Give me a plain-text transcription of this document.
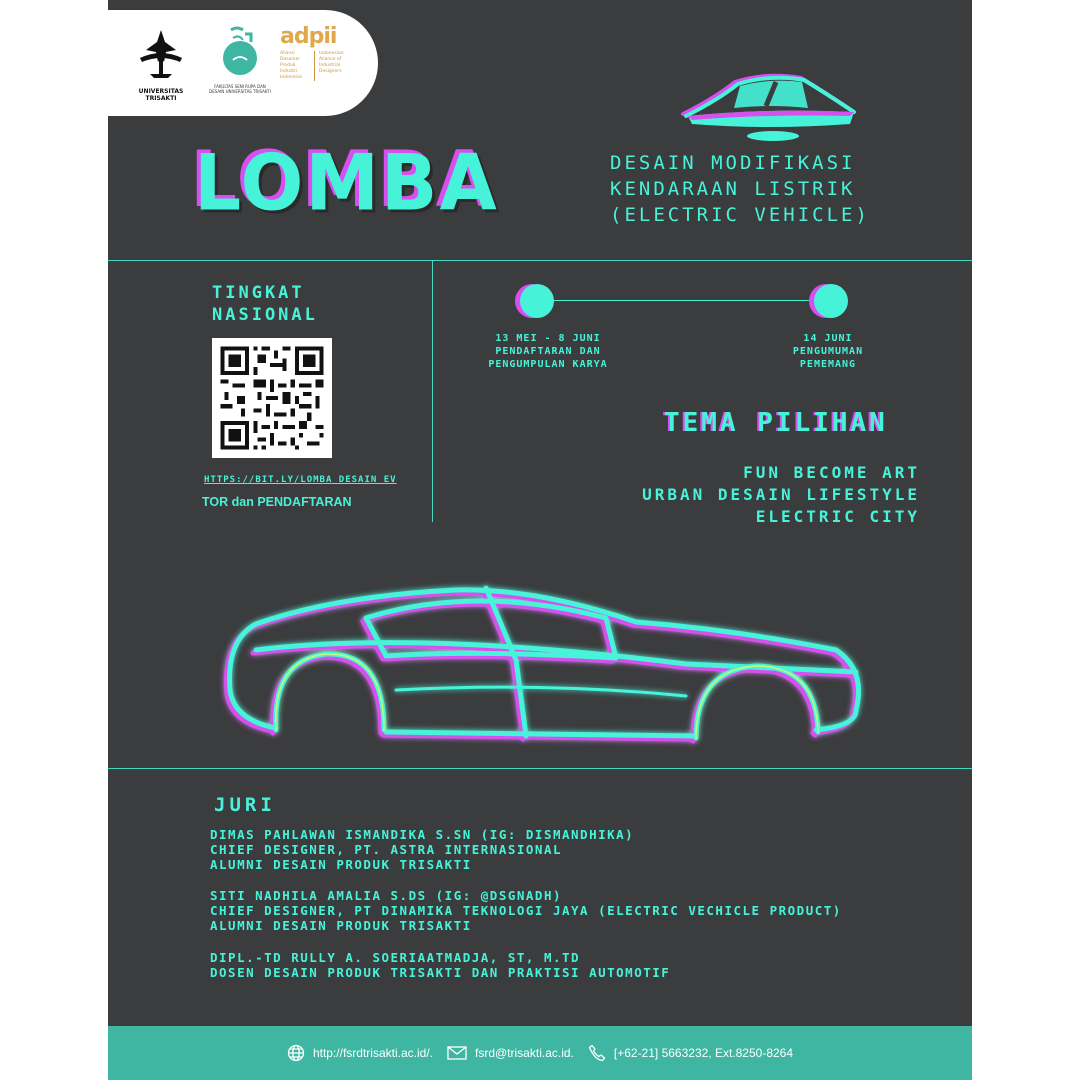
UNIVERSITAS TRISAKTI
FAKULTAS SENI RUPA DAN DESAIN UNIVERSITAS TRISAKTI
adpii
Aliansi Desainer Produk Industri Indonesia
Indonesian Aliance of Industrial Designers
LOMBA	DESAIN MODIFIKASI
KENDARAAN LISTRIK
(ELECTRIC VEHICLE)
TINGKAT
NASIONAL
HTTPS://BIT.LY/LOMBA_DESAIN_EV
TOR dan PENDAFTARAN
13 MEI - 8 JUNI
PENDAFTARAN DAN
PENGUMPULAN KARYA
14 JUNI
PENGUMUMAN
PEMEMANG
TEMA PILIHAN
FUN BECOME ART
URBAN DESAIN LIFESTYLE
ELECTRIC CITY
JURI
DIMAS PAHLAWAN ISMANDIKA S.SN (IG: DISMANDHIKA)
CHIEF DESIGNER, PT. ASTRA INTERNASIONAL
ALUMNI DESAIN PRODUK TRISAKTI
SITI NADHILA AMALIA S.DS (IG: @DSGNADH)
CHIEF DESIGNER, PT DINAMIKA TEKNOLOGI JAYA (ELECTRIC VECHICLE PRODUCT)
ALUMNI DESAIN PRODUK TRISAKTI
DIPL.-TD RULLY A. SOERIAATMADJA, ST, M.TD
DOSEN DESAIN PRODUK TRISAKTI DAN PRAKTISI AUTOMOTIF
http://fsrdtrisakti.ac.id/.	fsrd@trisakti.ac.id.	[+62-21] 5663232, Ext.8250-8264
